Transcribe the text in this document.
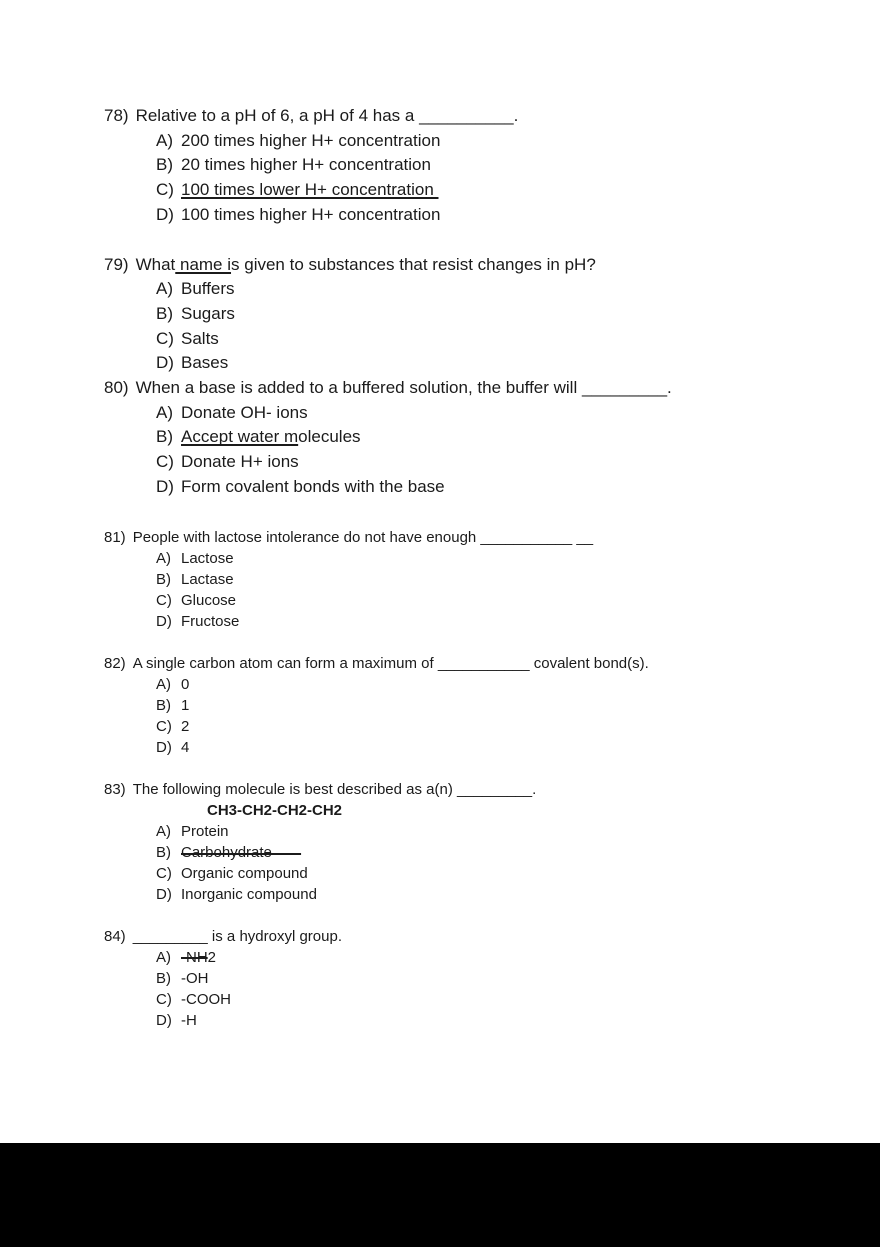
78) Relative to a pH of 6, a pH of 4 has a __________.
A) 200 times higher H+ concentration
B) 20 times higher H+ concentration
C) 100 times lower H+ concentration
D) 100 times higher H+ concentration
79) What name is given to substances that resist changes in pH?
A) Buffers
B) Sugars
C) Salts
D) Bases
80) When a base is added to a buffered solution, the buffer will _________.
A) Donate OH- ions
B) Accept water molecules
C) Donate H+ ions
D) Form covalent bonds with the base
81) People with lactose intolerance do not have enough ___________ __
A) Lactose
B) Lactase
C) Glucose
D) Fructose
82) A single carbon atom can form a maximum of ___________ covalent bond(s).
A) 0
B) 1
C) 2
D) 4
83) The following molecule is best described as a(n) _________.
CH3-CH2-CH2-CH2
A) Protein
B) Carbohydrate
C) Organic compound
D) Inorganic compound
84) _________ is a hydroxyl group.
A) -NH2
B) -OH
C) -COOH
D) -H
